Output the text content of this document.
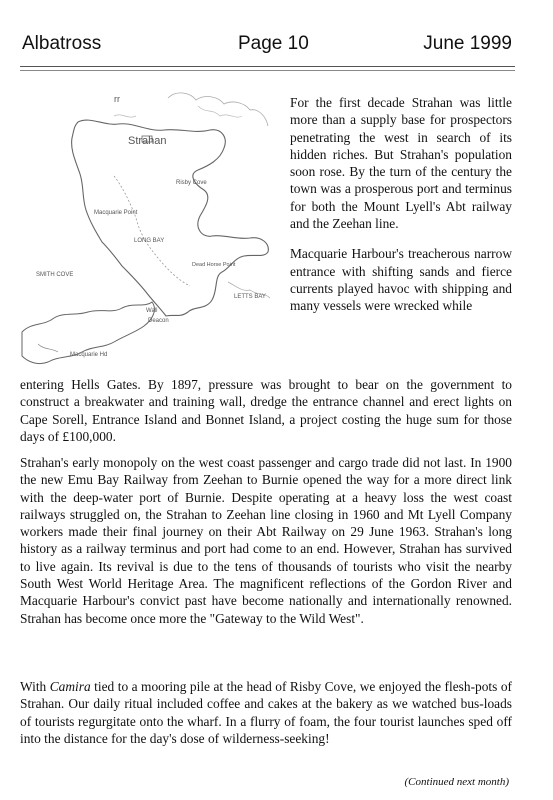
Albatross	Page 10	June 1999
rr
Strahan
Risby Cove
Macquarie Point
LONG BAY
SMITH COVE
Dead Horse Point
LETTS BAY
Wall
Deacon
Macquarie Hd

For the first decade Strahan was little more than a supply base for prospectors penetrating the west in search of its hidden riches. But Strahan's population soon rose. By the turn of the century the town was a prosperous port and terminus for both the Mount Lyell's Abt railway and the Zeehan line.

Macquarie Harbour's treacherous narrow entrance with shifting sands and fierce currents played havoc with shipping and many vessels were wrecked while

entering Hells Gates. By 1897, pressure was brought to bear on the government to construct a breakwater and training wall, dredge the entrance channel and erect lights on Cape Sorell, Entrance Island and Bonnet Island, a project costing the huge sum for those days of £100,000.

Strahan's early monopoly on the west coast passenger and cargo trade did not last. In 1900 the new Emu Bay Railway from Zeehan to Burnie opened the way for a more direct link with the deep-water port of Burnie. Despite operating at a heavy loss the west coast railways struggled on, the Strahan to Zeehan line closing in 1960 and Mt Lyell Company workers made their final journey on their Abt Railway on 29 June 1963. Strahan's long history as a railway terminus and port had come to an end. However, Strahan has survived to live again. Its revival is due to the tens of thousands of tourists who visit the nearby South West World Heritage Area. The magnificent reflections of the Gordon River and Macquarie Harbour's convict past have become nationally and internationally renowned. Strahan has become once more the "Gateway to the Wild West".

With Camira tied to a mooring pile at the head of Risby Cove, we enjoyed the flesh-pots of Strahan. Our daily ritual included coffee and cakes at the bakery as we watched bus-loads of tourists regurgitate onto the wharf. In a flurry of foam, the four tourist launches sped off into the distance for the day's dose of wilderness-seeking!

(Continued next month)
